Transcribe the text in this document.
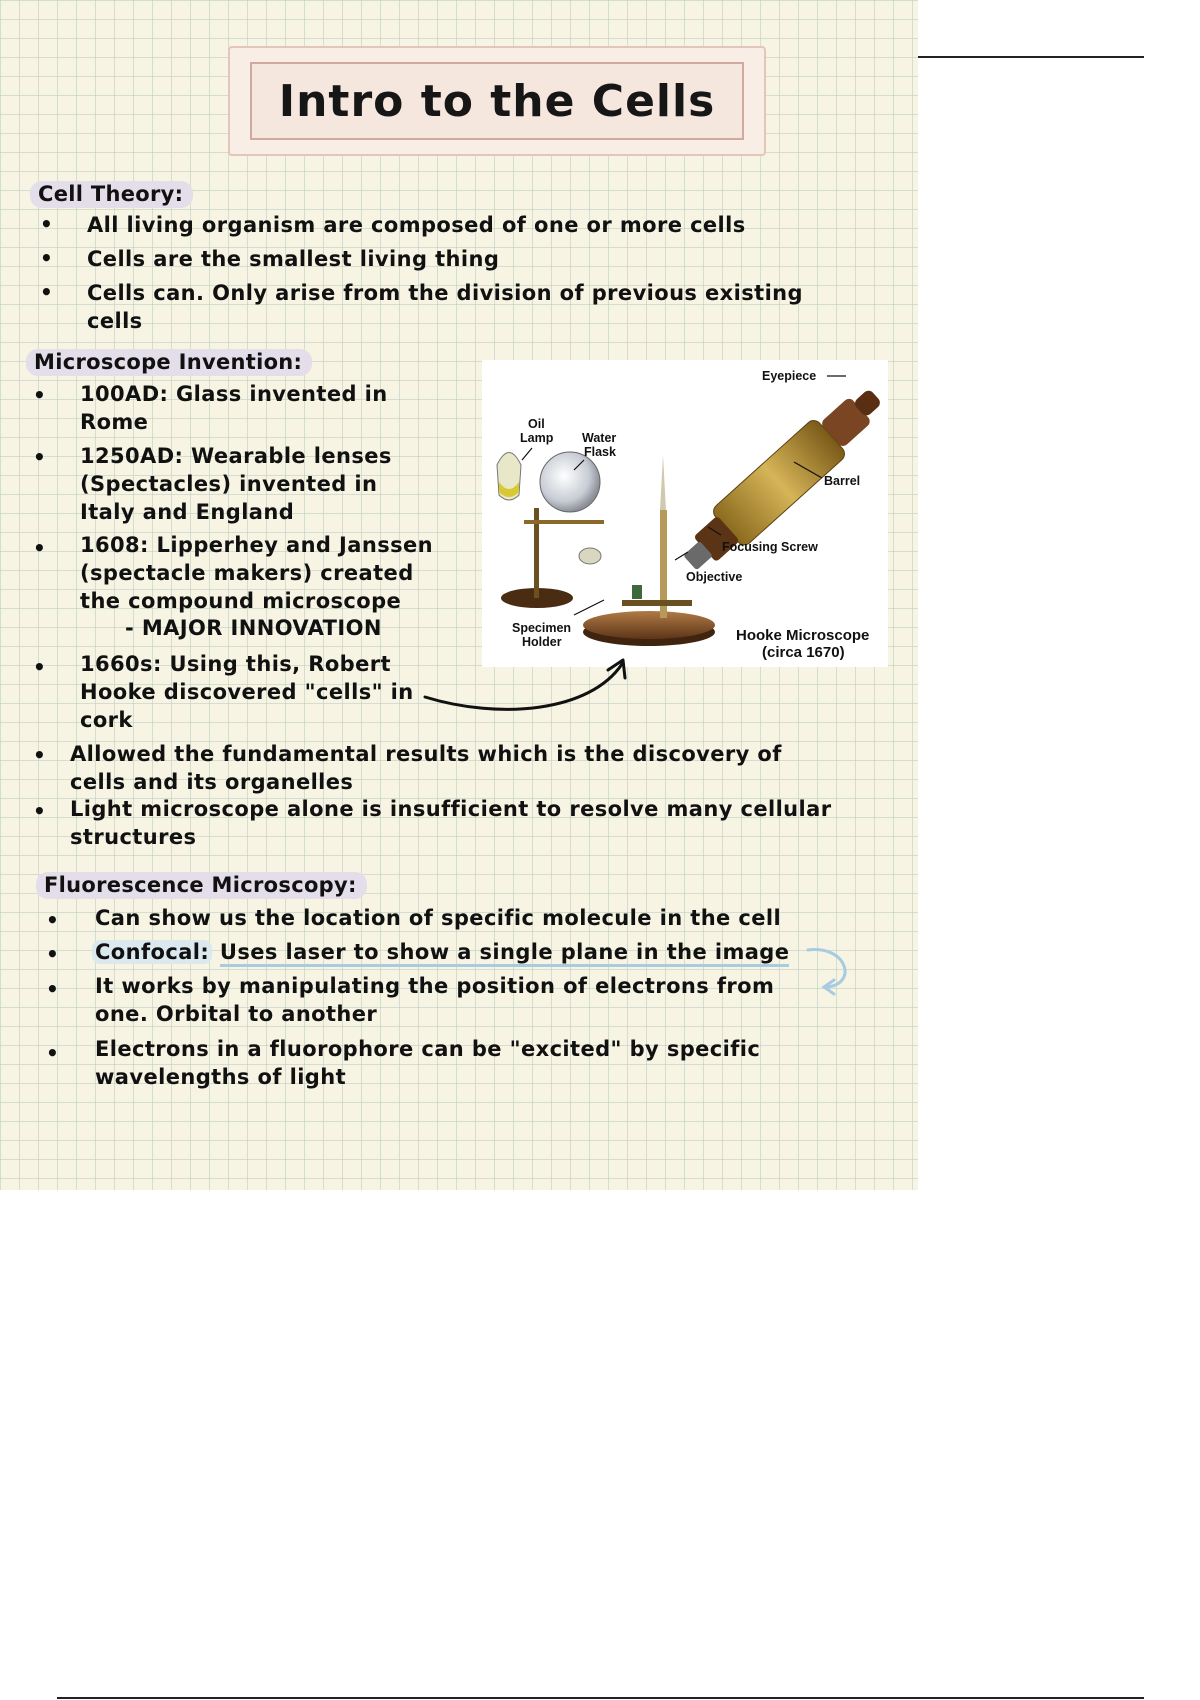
Intro to the Cells
Cell Theory:
• All living organism are composed of one or more cells

• Cells are the smallest living thing

• Cells can. Only arise from the division of previous existing

cells

Microscope Invention:
• 100AD: Glass invented in

Rome

• 1250AD: Wearable lenses

(Spectacles) invented in

Italy and England

• 1608: Lipperhey and Janssen

(spectacle makers) created

the compound microscope

- MAJOR INNOVATION

• 1660s: Using this, Robert

Hooke discovered "cells" in

cork

• Allowed the fundamental results which is the discovery of

cells and its organelles

• Light microscope alone is insufficient to resolve many cellular

structures

Eyepiece
Oil
Lamp Water
Flask
Barrel
Focusing Screw
Objective
Specimen
Holder	Hooke Microscope
(circa 1670)
Fluorescence Microscopy:
• Can show us the location of specific molecule in the cell

• Confocal: Uses laser to show a single plane in the image

• It works by manipulating the position of electrons from

one. Orbital to another

• Electrons in a fluorophore can be "excited" by specific

wavelengths of light
